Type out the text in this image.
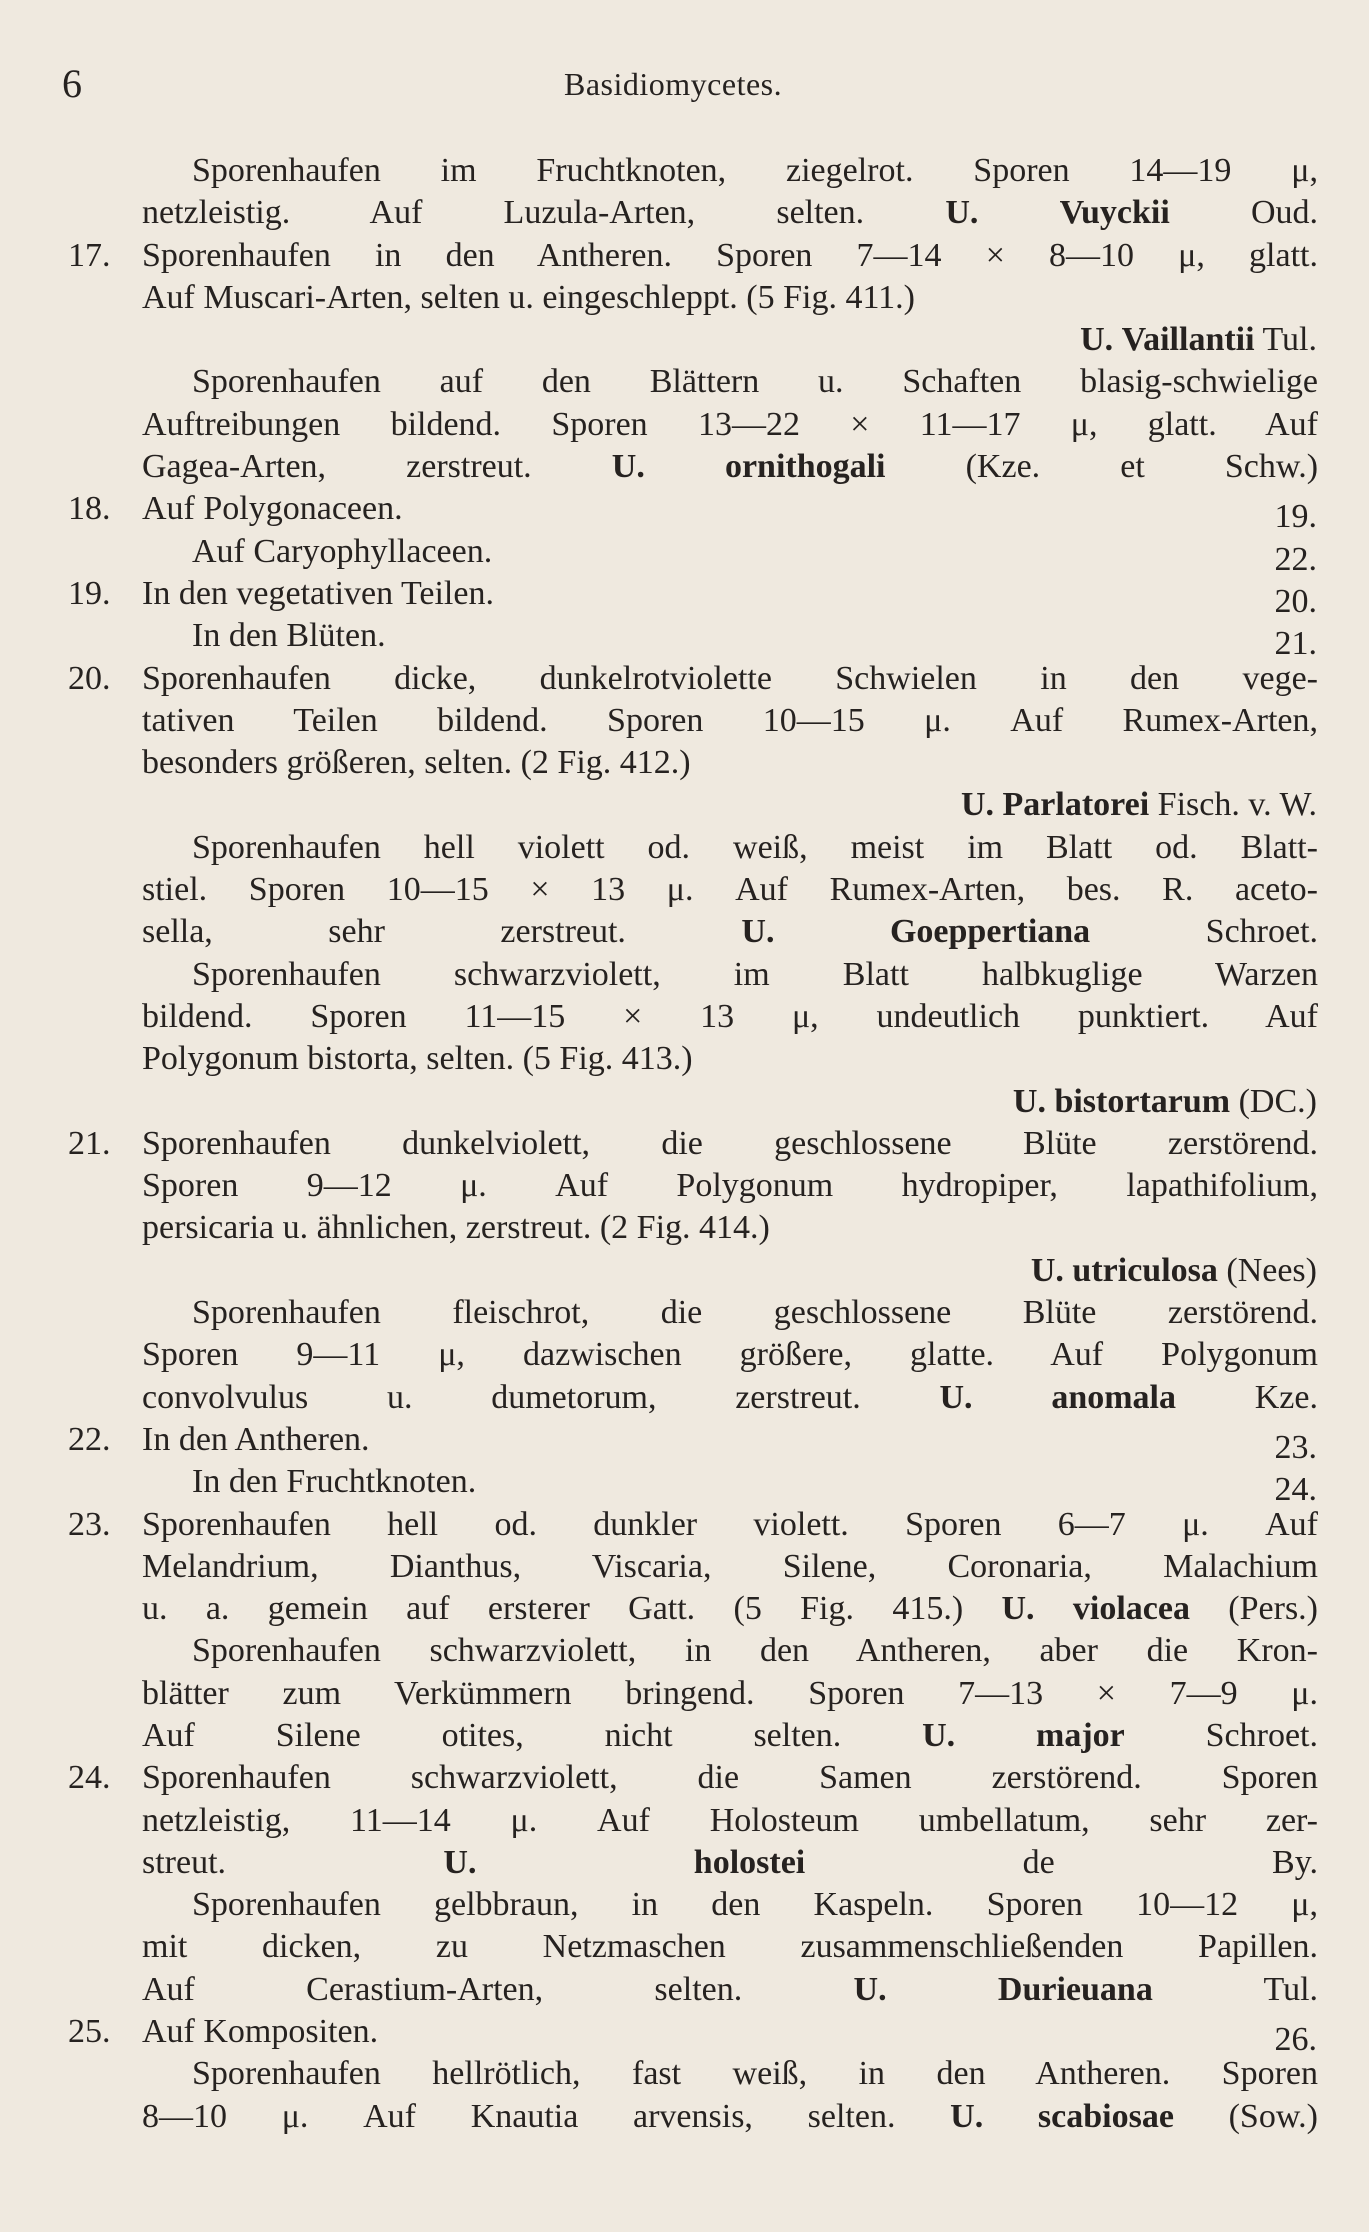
6	Basidiomycetes.
Sporenhaufen im Fruchtknoten, ziegelrot. Sporen 14—19 μ,
netzleistig. Auf Luzula-Arten, selten. U. Vuyckii Oud.
17. Sporenhaufen in den Antheren. Sporen 7—14 × 8—10 μ, glatt.
Auf Muscari-Arten, selten u. eingeschleppt. (5 Fig. 411.)
U. Vaillantii Tul.
Sporenhaufen auf den Blättern u. Schaften blasig-schwielige
Auftreibungen bildend. Sporen 13—22 × 11—17 μ, glatt. Auf
Gagea-Arten, zerstreut. U. ornithogali (Kze. et Schw.)
18. Auf Polygonaceen.	19.
Auf Caryophyllaceen.	22.
19. In den vegetativen Teilen.	20.
In den Blüten.	21.
20. Sporenhaufen dicke, dunkelrotviolette Schwielen in den vege-
tativen Teilen bildend. Sporen 10—15 μ. Auf Rumex-Arten,
besonders größeren, selten. (2 Fig. 412.)
U. Parlatorei Fisch. v. W.
Sporenhaufen hell violett od. weiß, meist im Blatt od. Blatt-
stiel. Sporen 10—15 × 13 μ. Auf Rumex-Arten, bes. R. aceto-
sella, sehr zerstreut.	U.	Goeppertiana	Schroet.
Sporenhaufen schwarzviolett, im Blatt halbkuglige Warzen
bildend. Sporen 11—15 × 13 μ, undeutlich punktiert. Auf
Polygonum bistorta, selten. (5 Fig. 413.)
U. bistortarum (DC.)
21. Sporenhaufen dunkelviolett, die geschlossene Blüte zerstörend.
Sporen 9—12 μ. Auf Polygonum hydropiper, lapathifolium,
persicaria u. ähnlichen, zerstreut. (2 Fig. 414.)
U. utriculosa (Nees)
Sporenhaufen fleischrot, die geschlossene Blüte zerstörend.
Sporen 9—11 μ, dazwischen größere, glatte. Auf Polygonum
convolvulus u. dumetorum, zerstreut. U. anomala Kze.
22. In den Antheren.	23.
In den Fruchtknoten.	24.
23. Sporenhaufen hell od. dunkler violett. Sporen 6—7 μ. Auf
Melandrium, Dianthus, Viscaria, Silene, Coronaria, Malachium
u. a. gemein auf ersterer Gatt. (5 Fig. 415.) U. violacea (Pers.)
Sporenhaufen schwarzviolett, in den Antheren, aber die Kron-
blätter zum Verkümmern bringend. Sporen 7—13 × 7—9 μ.
Auf Silene otites, nicht selten. U. major Schroet.
24. Sporenhaufen schwarzviolett, die Samen zerstörend. Sporen
netzleistig, 11—14 μ. Auf Holosteum umbellatum, sehr zer-
streut.	U.	holostei	de By.
Sporenhaufen gelbbraun, in den Kaspeln. Sporen 10—12 μ,
mit dicken, zu Netzmaschen zusammenschließenden Papillen.
Auf Cerastium-Arten, selten.	U.	Durieuana	Tul.
25. Auf Kompositen.	26.
Sporenhaufen hellrötlich, fast weiß, in den Antheren. Sporen
8—10 μ. Auf Knautia arvensis, selten. U. scabiosae (Sow.)
